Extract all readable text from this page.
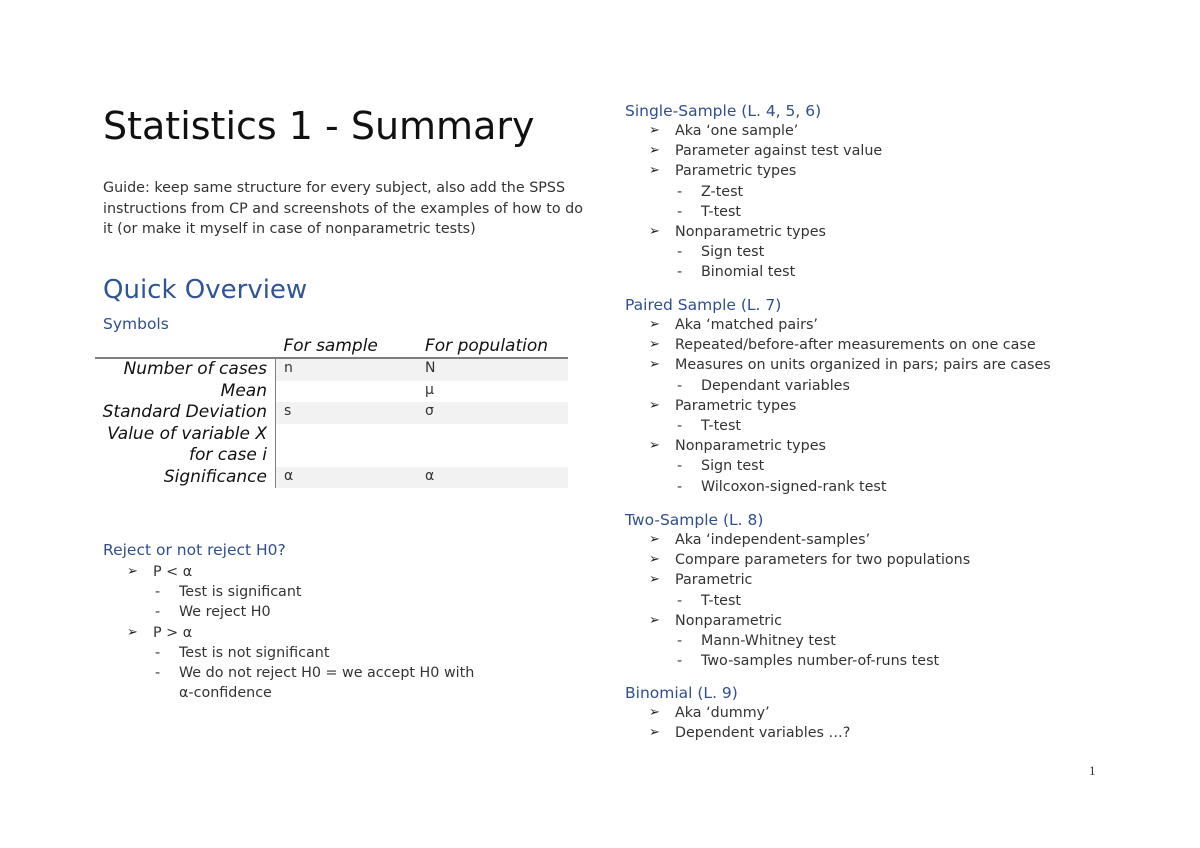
Statistics 1 - Summary
Guide: keep same structure for every subject, also add the SPSS instructions from CP and screenshots of the examples of how to do it (or make it myself in case of nonparametric tests)
Quick Overview
Symbols
	For sample	For population
Number of cases	n	N
Mean		μ
Standard Deviation	s	σ
Value of variable X for case i		
Significance	α	α
Reject or not reject H0?
➢ P < α
- Test is significant
- We reject H0
➢ P > α
- Test is not significant
- We do not reject H0 = we accept H0 with α-confidence
Single-Sample (L. 4, 5, 6)
➢ Aka ‘one sample’
➢ Parameter against test value
➢ Parametric types
- Z-test
- T-test
➢ Nonparametric types
- Sign test
- Binomial test
Paired Sample (L. 7)
➢ Aka ‘matched pairs’
➢ Repeated/before-after measurements on one case
➢ Measures on units organized in pars; pairs are cases
- Dependant variables
➢ Parametric types
- T-test
➢ Nonparametric types
- Sign test
- Wilcoxon-signed-rank test
Two-Sample (L. 8)
➢ Aka ‘independent-samples’
➢ Compare parameters for two populations
➢ Parametric
- T-test
➢ Nonparametric
- Mann-Whitney test
- Two-samples number-of-runs test
Binomial (L. 9)
➢ Aka ‘dummy’
➢ Dependent variables …?
1
